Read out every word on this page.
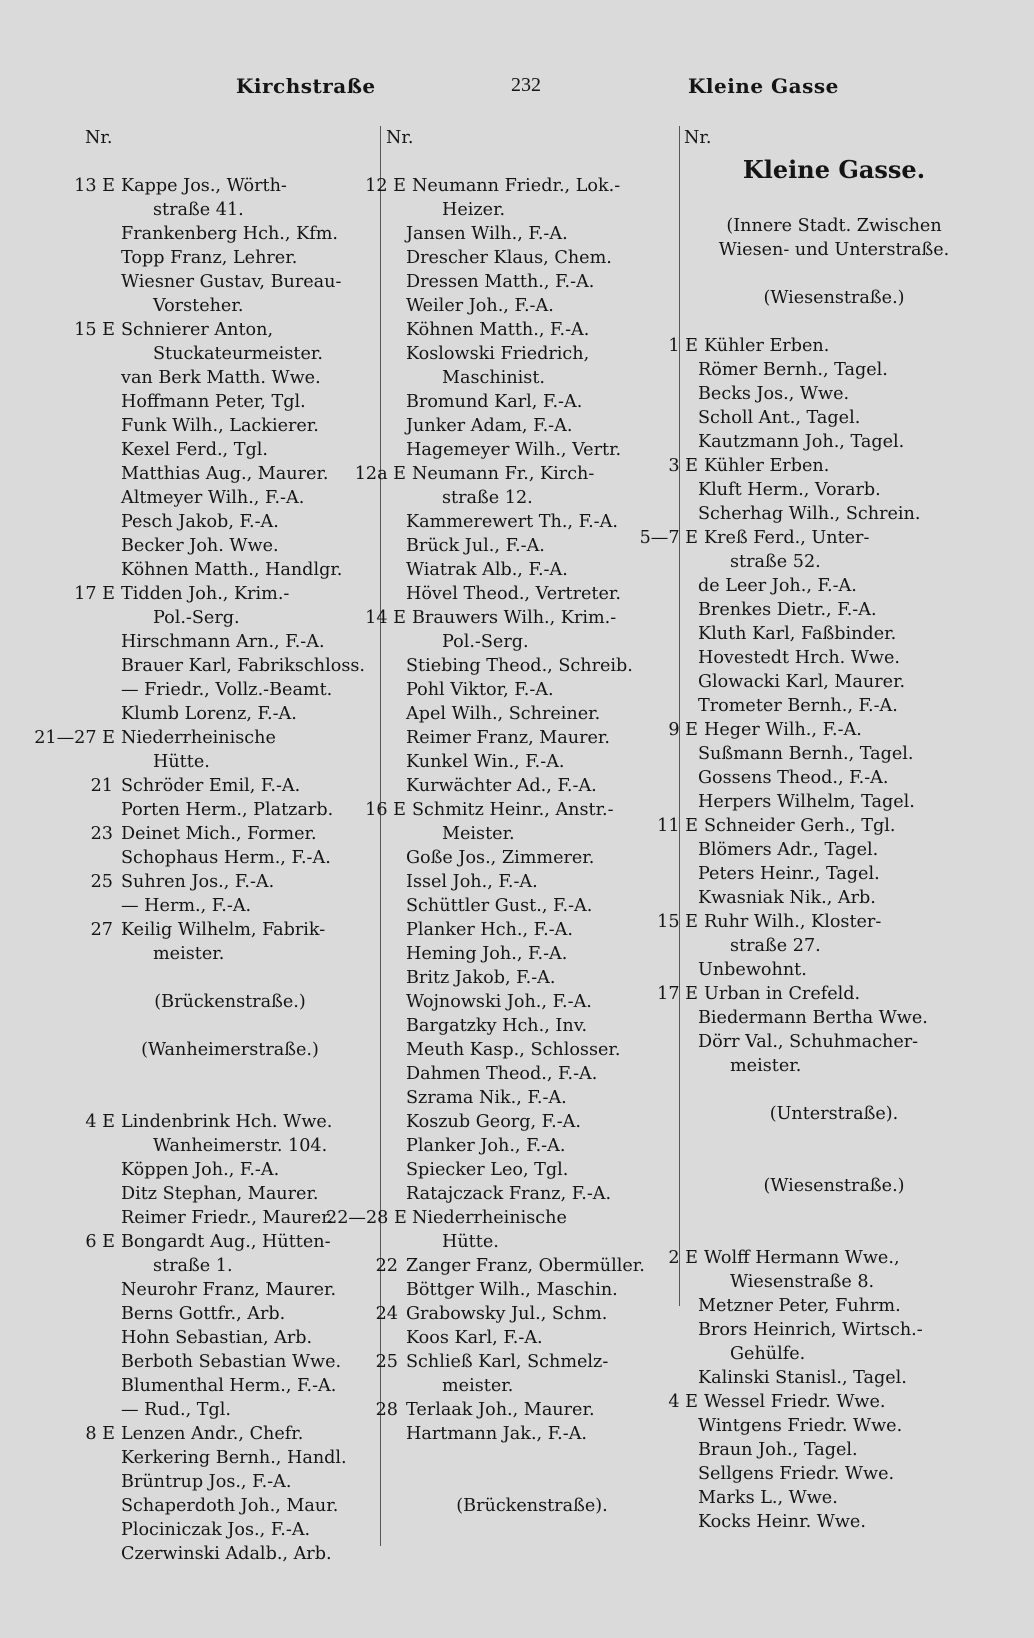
Kirchstraße	232	Kleine Gasse
Nr.
13 E Kappe Jos., Wörth-
straße 41.
Frankenberg Hch., Kfm.
Topp Franz, Lehrer.
Wiesner Gustav, Bureau-
Vorsteher.
15 E Schnierer Anton,
Stuckateurmeister.
van Berk Matth. Wwe.
Hoffmann Peter, Tgl.
Funk Wilh., Lackierer.
Kexel Ferd., Tgl.
Matthias Aug., Maurer.
Altmeyer Wilh., F.-A.
Pesch Jakob, F.-A.
Becker Joh. Wwe.
Köhnen Matth., Handlgr.
17 E Tidden Joh., Krim.-
Pol.-Serg.
Hirschmann Arn., F.-A.
Brauer Karl, Fabrikschloss.
— Friedr., Vollz.-Beamt.
Klumb Lorenz, F.-A.
21—27 E Niederrheinische
Hütte.
21 Schröder Emil, F.-A.
Porten Herm., Platzarb.
23 Deinet Mich., Former.
Schophaus Herm., F.-A.
25 Suhren Jos., F.-A.
— Herm., F.-A.
27 Keilig Wilhelm, Fabrik-
meister.
(Brückenstraße.)
(Wanheimerstraße.)
4 E Lindenbrink Hch. Wwe.
Wanheimerstr. 104.
Köppen Joh., F.-A.
Ditz Stephan, Maurer.
Reimer Friedr., Maurer.
6 E Bongardt Aug., Hütten-
straße 1.
Neurohr Franz, Maurer.
Berns Gottfr., Arb.
Hohn Sebastian, Arb.
Berboth Sebastian Wwe.
Blumenthal Herm., F.-A.
— Rud., Tgl.
8 E Lenzen Andr., Chefr.
Kerkering Bernh., Handl.
Brüntrup Jos., F.-A.
Schaperdoth Joh., Maur.
Plociniczak Jos., F.-A.
Czerwinski Adalb., Arb.
Nr.
12 E Neumann Friedr., Lok.-
Heizer.
Jansen Wilh., F.-A.
Drescher Klaus, Chem.
Dressen Matth., F.-A.
Weiler Joh., F.-A.
Köhnen Matth., F.-A.
Koslowski Friedrich,
Maschinist.
Bromund Karl, F.-A.
Junker Adam, F.-A.
Hagemeyer Wilh., Vertr.
12a E Neumann Fr., Kirch-
straße 12.
Kammerewert Th., F.-A.
Brück Jul., F.-A.
Wiatrak Alb., F.-A.
Hövel Theod., Vertreter.
14 E Brauwers Wilh., Krim.-
Pol.-Serg.
Stiebing Theod., Schreib.
Pohl Viktor, F.-A.
Apel Wilh., Schreiner.
Reimer Franz, Maurer.
Kunkel Win., F.-A.
Kurwächter Ad., F.-A.
16 E Schmitz Heinr., Anstr.-
Meister.
Goße Jos., Zimmerer.
Issel Joh., F.-A.
Schüttler Gust., F.-A.
Planker Hch., F.-A.
Heming Joh., F.-A.
Britz Jakob, F.-A.
Wojnowski Joh., F.-A.
Bargatzky Hch., Inv.
Meuth Kasp., Schlosser.
Dahmen Theod., F.-A.
Szrama Nik., F.-A.
Koszub Georg, F.-A.
Planker Joh., F.-A.
Spiecker Leo, Tgl.
Ratajczack Franz, F.-A.
22—28 E Niederrheinische
Hütte.
22 Zanger Franz, Obermüller.
Böttger Wilh., Maschin.
24 Grabowsky Jul., Schm.
Koos Karl, F.-A.
25 Schließ Karl, Schmelz-
meister.
28 Terlaak Joh., Maurer.
Hartmann Jak., F.-A.
(Brückenstraße).
Nr.
Kleine Gasse.
(Innere Stadt. Zwischen
Wiesen- und Unterstraße.
(Wiesenstraße.)
1 E Kühler Erben.
Römer Bernh., Tagel.
Becks Jos., Wwe.
Scholl Ant., Tagel.
Kautzmann Joh., Tagel.
3 E Kühler Erben.
Kluft Herm., Vorarb.
Scherhag Wilh., Schrein.
5—7 E Kreß Ferd., Unter-
straße 52.
de Leer Joh., F.-A.
Brenkes Dietr., F.-A.
Kluth Karl, Faßbinder.
Hovestedt Hrch. Wwe.
Glowacki Karl, Maurer.
Trometer Bernh., F.-A.
9 E Heger Wilh., F.-A.
Sußmann Bernh., Tagel.
Gossens Theod., F.-A.
Herpers Wilhelm, Tagel.
11 E Schneider Gerh., Tgl.
Blömers Adr., Tagel.
Peters Heinr., Tagel.
Kwasniak Nik., Arb.
15 E Ruhr Wilh., Kloster-
straße 27.
Unbewohnt.
17 E Urban in Crefeld.
Biedermann Bertha Wwe.
Dörr Val., Schuhmacher-
meister.
(Unterstraße).
(Wiesenstraße.)
2 E Wolff Hermann Wwe.,
Wiesenstraße 8.
Metzner Peter, Fuhrm.
Brors Heinrich, Wirtsch.-
Gehülfe.
Kalinski Stanisl., Tagel.
4 E Wessel Friedr. Wwe.
Wintgens Friedr. Wwe.
Braun Joh., Tagel.
Sellgens Friedr. Wwe.
Marks L., Wwe.
Kocks Heinr. Wwe.
